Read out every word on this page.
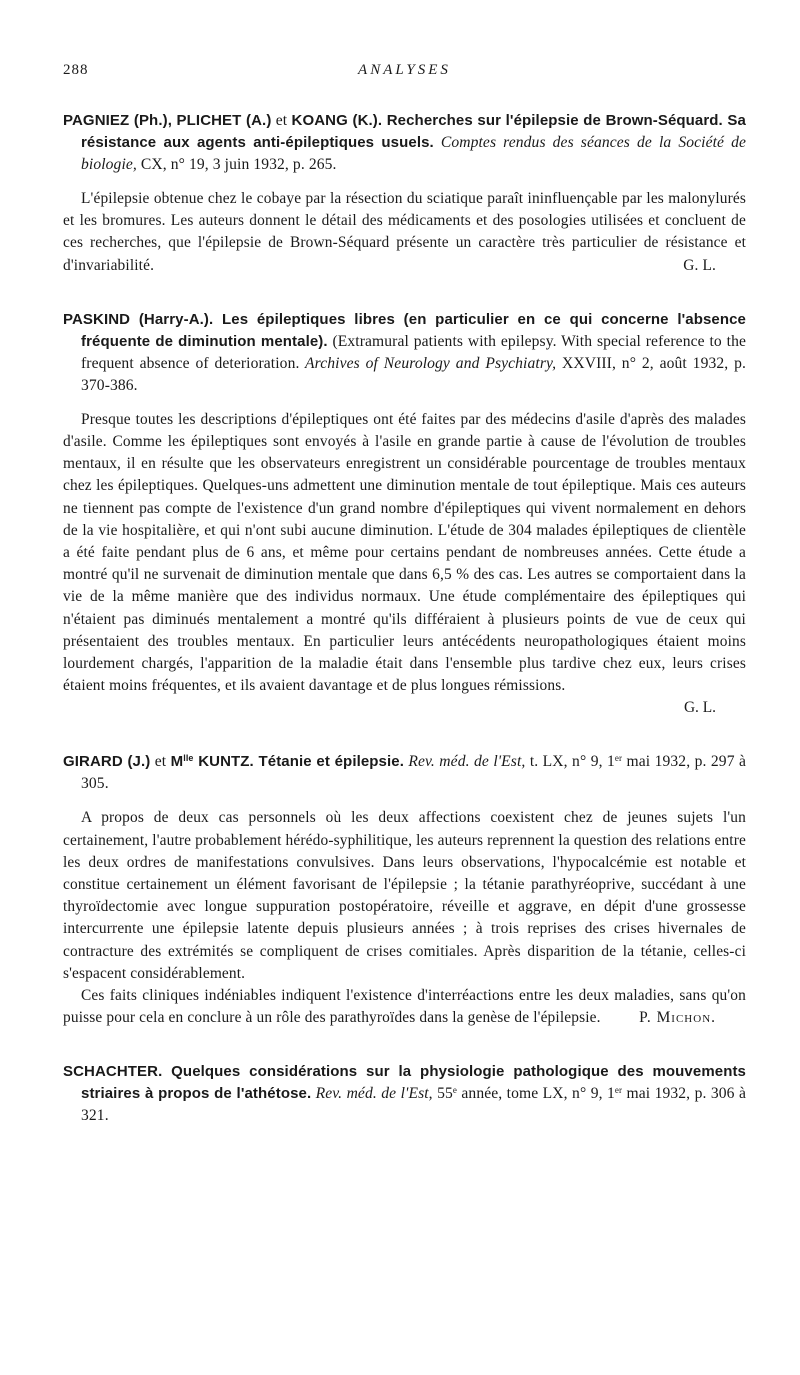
288	ANALYSES

PAGNIEZ (Ph.), PLICHET (A.) et KOANG (K.). Recherches sur l'épilepsie de Brown-Séquard. Sa résistance aux agents anti-épileptiques usuels. Comptes rendus des séances de la Société de biologie, CX, n° 19, 3 juin 1932, p. 265.

L'épilepsie obtenue chez le cobaye par la résection du sciatique paraît ininfluençable par les malonylurés et les bromures. Les auteurs donnent le détail des médicaments et des posologies utilisées et concluent de ces recherches, que l'épilepsie de Brown-Séquard présente un caractère très particulier de résistance et d'invariabilité.	G. L.

PASKIND (Harry-A.). Les épileptiques libres (en particulier en ce qui concerne l'absence fréquente de diminution mentale). (Extramural patients with epilepsy. With special reference to the frequent absence of deterioration. Archives of Neurology and Psychiatry, XXVIII, n° 2, août 1932, p. 370-386.

Presque toutes les descriptions d'épileptiques ont été faites par des médecins d'asile d'après des malades d'asile. Comme les épileptiques sont envoyés à l'asile en grande partie à cause de l'évolution de troubles mentaux, il en résulte que les observateurs enregistrent un considérable pourcentage de troubles mentaux chez les épileptiques. Quelques-uns admettent une diminution mentale de tout épileptique. Mais ces auteurs ne tiennent pas compte de l'existence d'un grand nombre d'épileptiques qui vivent normalement en dehors de la vie hospitalière, et qui n'ont subi aucune diminution. L'étude de 304 malades épileptiques de clientèle a été faite pendant plus de 6 ans, et même pour certains pendant de nombreuses années. Cette étude a montré qu'il ne survenait de diminution mentale que dans 6,5 % des cas. Les autres se comportaient dans la vie de la même manière que des individus normaux. Une étude complémentaire des épileptiques qui n'étaient pas diminués mentalement a montré qu'ils différaient à plusieurs points de vue de ceux qui présentaient des troubles mentaux. En particulier leurs antécédents neuropathologiques étaient moins lourdement chargés, l'apparition de la maladie était dans l'ensemble plus tardive chez eux, leurs crises étaient moins fréquentes, et ils avaient davantage et de plus longues rémissions.

G. L.

GIRARD (J.) et $M^{lle}$ KUNTZ. Tétanie et épilepsie. Rev. méd. de l'Est, t. LX, n° 9, 1er mai 1932, p. 297 à 305.

A propos de deux cas personnels où les deux affections coexistent chez de jeunes sujets l'un certainement, l'autre probablement hérédo-syphilitique, les auteurs reprennent la question des relations entre les deux ordres de manifestations convulsives. Dans leurs observations, l'hypocalcémie est notable et constitue certainement un élément favorisant de l'épilepsie ; la tétanie parathyréoprive, succédant à une thyroïdectomie avec longue suppuration postopératoire, réveille et aggrave, en dépit d'une grossesse intercurrente une épilepsie latente depuis plusieurs années ; à trois reprises des crises hivernales de contracture des extrémités se compliquent de crises comitiales. Après disparition de la tétanie, celles-ci s'espacent considérablement.

Ces faits cliniques indéniables indiquent l'existence d'interréactions entre les deux maladies, sans qu'on puisse pour cela en conclure à un rôle des parathyroïdes dans la genèse de l'épilepsie.	P. Michon.

SCHACHTER. Quelques considérations sur la physiologie pathologique des mouvements striaires à propos de l'athétose. Rev. méd. de l'Est, 55e année, tome LX, n° 9, 1er mai 1932, p. 306 à 321.
